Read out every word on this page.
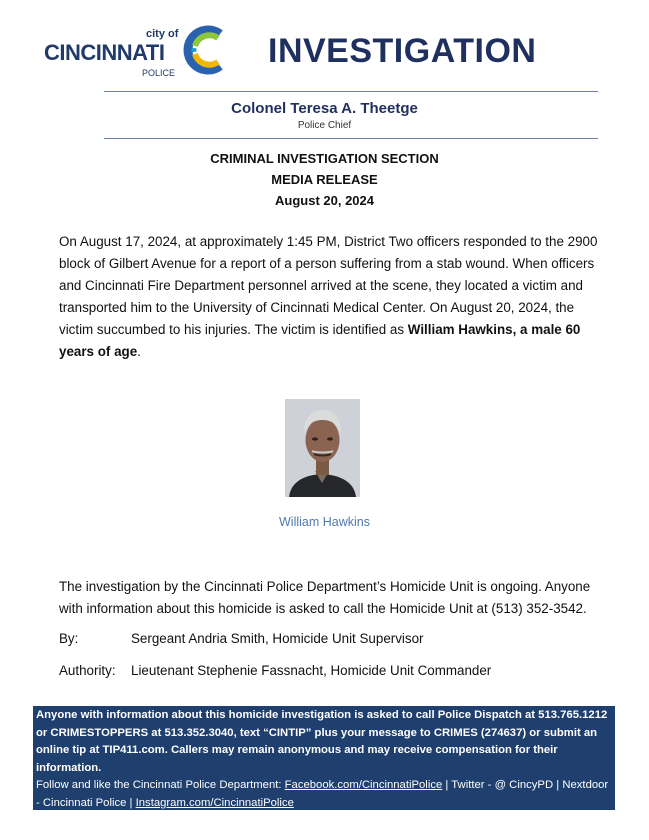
city of
CINCINNATI
POLICE
INVESTIGATION
Colonel Teresa A. Theetge
Police Chief
CRIMINAL INVESTIGATION SECTION
MEDIA RELEASE
August 20, 2024
On August 17, 2024, at approximately 1:45 PM, District Two officers responded to the 2900 block of Gilbert Avenue for a report of a person suffering from a stab wound. When officers and Cincinnati Fire Department personnel arrived at the scene, they located a victim and transported him to the University of Cincinnati Medical Center. On August 20, 2024, the victim succumbed to his injuries. The victim is identified as William Hawkins, a male 60 years of age.
William Hawkins
The investigation by the Cincinnati Police Department’s Homicide Unit is ongoing. Anyone with information about this homicide is asked to call the Homicide Unit at (513) 352-3542.
By:	Sergeant Andria Smith, Homicide Unit Supervisor
Authority: Lieutenant Stephenie Fassnacht, Homicide Unit Commander
Anyone with information about this homicide investigation is asked to call Police Dispatch at 513.765.1212 or CRIMESTOPPERS at 513.352.3040, text “CINTIP” plus your message to CRIMES (274637) or submit an online tip at TIP411.com. Callers may remain anonymous and may receive compensation for their information.
Follow and like the Cincinnati Police Department: Facebook.com/CincinnatiPolice | Twitter - @ CincyPD | Nextdoor - Cincinnati Police | Instagram.com/CincinnatiPolice
